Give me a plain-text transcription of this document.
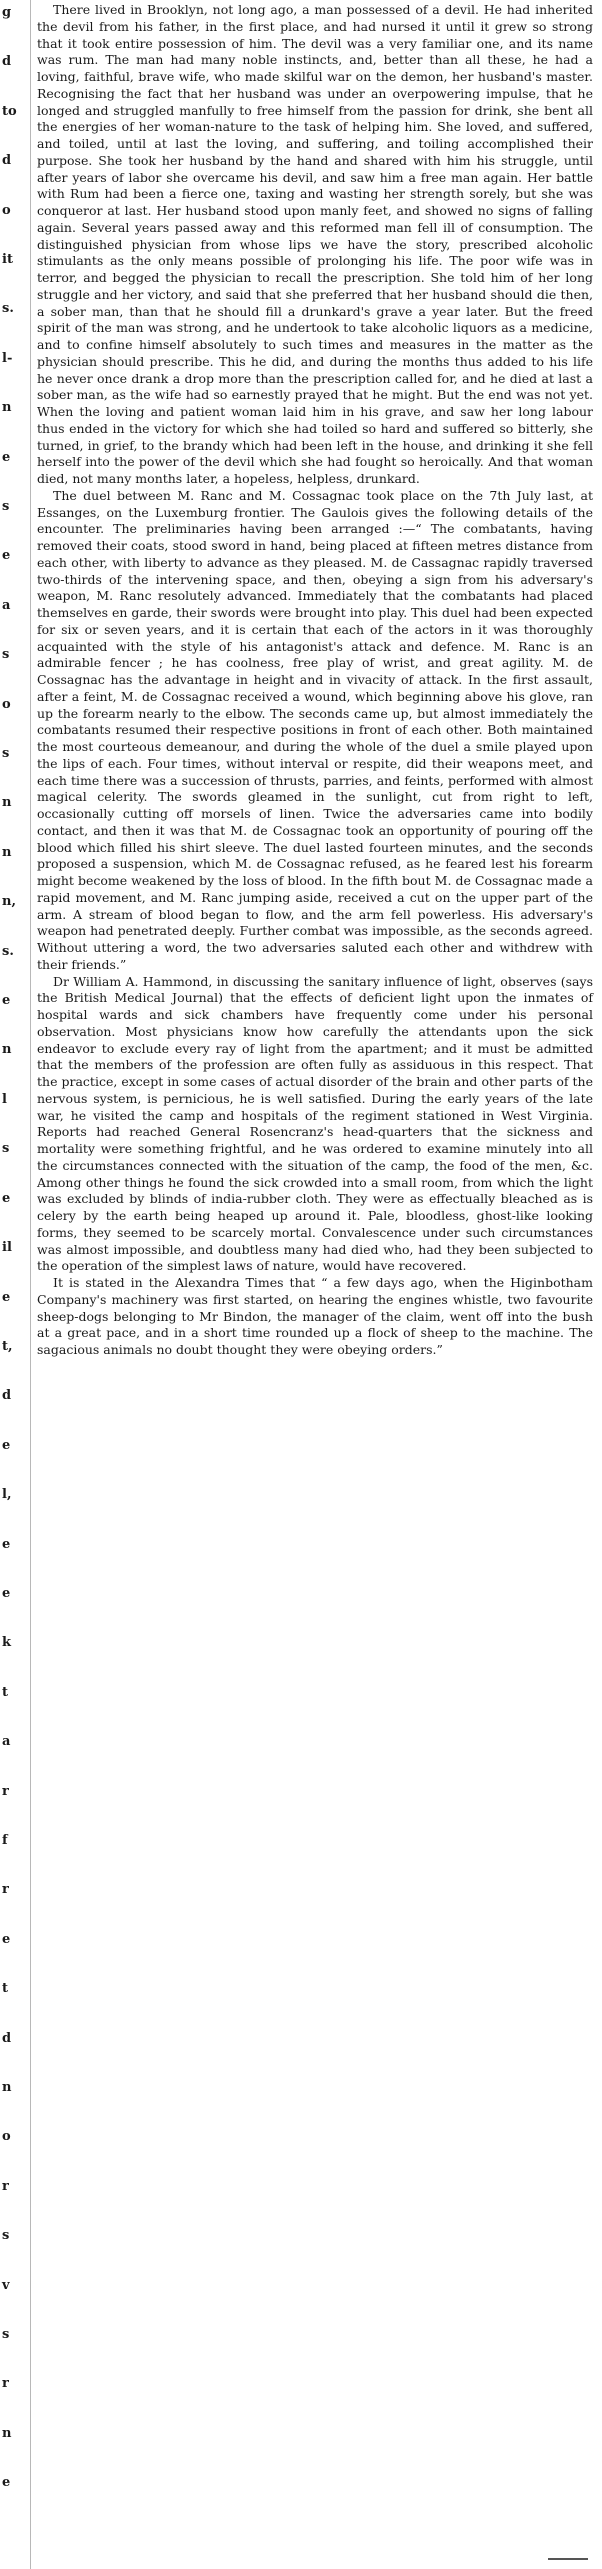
g
d
to
d
o
it
s.
l-
n
e
s
e
a
s
o
s
n
n
n,
s.
e
n
l
s
e
il
e
t,
d
e
l,
e
e
k
t
a
r
f
r
e
t
d
n
o
r
s
v
s
r
n
e

There lived in Brooklyn, not long ago, a man possessed of a devil. He had inherited the devil from his father, in the first place, and had nursed it until it grew so strong that it took entire possession of him. The devil was a very familiar one, and its name was rum. The man had many noble instincts, and, better than all these, he had a loving, faithful, brave wife, who made skilful war on the demon, her husband's master. Recognising the fact that her husband was under an overpowering impulse, that he longed and struggled manfully to free himself from the passion for drink, she bent all the energies of her woman-nature to the task of helping him. She loved, and suffered, and toiled, until at last the loving, and suffering, and toiling accomplished their purpose. She took her husband by the hand and shared with him his struggle, until after years of labor she overcame his devil, and saw him a free man again. Her battle with Rum had been a fierce one, taxing and wasting her strength sorely, but she was conqueror at last. Her husband stood upon manly feet, and showed no signs of falling again. Several years passed away and this reformed man fell ill of consumption. The distinguished physician from whose lips we have the story, prescribed alcoholic stimulants as the only means possible of prolonging his life. The poor wife was in terror, and begged the physician to recall the prescription. She told him of her long struggle and her victory, and said that she preferred that her husband should die then, a sober man, than that he should fill a drunkard's grave a year later. But the freed spirit of the man was strong, and he undertook to take alcoholic liquors as a medicine, and to confine himself absolutely to such times and measures in the matter as the physician should prescribe. This he did, and during the months thus added to his life he never once drank a drop more than the prescription called for, and he died at last a sober man, as the wife had so earnestly prayed that he might. But the end was not yet. When the loving and patient woman laid him in his grave, and saw her long labour thus ended in the victory for which she had toiled so hard and suffered so bitterly, she turned, in grief, to the brandy which had been left in the house, and drinking it she fell herself into the power of the devil which she had fought so heroically. And that woman died, not many months later, a hopeless, helpless, drunkard.

The duel between M. Ranc and M. Cossagnac took place on the 7th July last, at Essanges, on the Luxemburg frontier. The Gaulois gives the following details of the encounter. The preliminaries having been arranged :—“ The combatants, having removed their coats, stood sword in hand, being placed at fifteen metres distance from each other, with liberty to advance as they pleased. M. de Cassagnac rapidly traversed two-thirds of the intervening space, and then, obeying a sign from his adversary's weapon, M. Ranc resolutely advanced. Immediately that the combatants had placed themselves en garde, their swords were brought into play. This duel had been expected for six or seven years, and it is certain that each of the actors in it was thoroughly acquainted with the style of his antagonist's attack and defence. M. Ranc is an admirable fencer ; he has coolness, free play of wrist, and great agility. M. de Cossagnac has the advantage in height and in vivacity of attack. In the first assault, after a feint, M. de Cossagnac received a wound, which beginning above his glove, ran up the forearm nearly to the elbow. The seconds came up, but almost immediately the combatants resumed their respective positions in front of each other. Both maintained the most courteous demeanour, and during the whole of the duel a smile played upon the lips of each. Four times, without interval or respite, did their weapons meet, and each time there was a succession of thrusts, parries, and feints, performed with almost magical celerity. The swords gleamed in the sunlight, cut from right to left, occasionally cutting off morsels of linen. Twice the adversaries came into bodily contact, and then it was that M. de Cossagnac took an opportunity of pouring off the blood which filled his shirt sleeve. The duel lasted fourteen minutes, and the seconds proposed a suspension, which M. de Cossagnac refused, as he feared lest his forearm might become weakened by the loss of blood. In the fifth bout M. de Cossagnac made a rapid movement, and M. Ranc jumping aside, received a cut on the upper part of the arm. A stream of blood began to flow, and the arm fell powerless. His adversary's weapon had penetrated deeply. Further combat was impossible, as the seconds agreed. Without uttering a word, the two adversaries saluted each other and withdrew with their friends.”

Dr William A. Hammond, in discussing the sanitary influence of light, observes (says the British Medical Journal) that the effects of deficient light upon the inmates of hospital wards and sick chambers have frequently come under his personal observation. Most physicians know how carefully the attendants upon the sick endeavor to exclude every ray of light from the apartment; and it must be admitted that the members of the profession are often fully as assiduous in this respect. That the practice, except in some cases of actual disorder of the brain and other parts of the nervous system, is pernicious, he is well satisfied. During the early years of the late war, he visited the camp and hospitals of the regiment stationed in West Virginia. Reports had reached General Rosencranz's head-quarters that the sickness and mortality were something frightful, and he was ordered to examine minutely into all the circumstances connected with the situation of the camp, the food of the men, &c. Among other things he found the sick crowded into a small room, from which the light was excluded by blinds of india-rubber cloth. They were as effectually bleached as is celery by the earth being heaped up around it. Pale, bloodless, ghost-like looking forms, they seemed to be scarcely mortal. Convalescence under such circumstances was almost impossible, and doubtless many had died who, had they been subjected to the operation of the simplest laws of nature, would have recovered.

It is stated in the Alexandra Times that “ a few days ago, when the Higinbotham Company's machinery was first started, on hearing the engines whistle, two favourite sheep-dogs belonging to Mr Bindon, the manager of the claim, went off into the bush at a great pace, and in a short time rounded up a flock of sheep to the machine. The sagacious animals no doubt thought they were obeying orders.”
